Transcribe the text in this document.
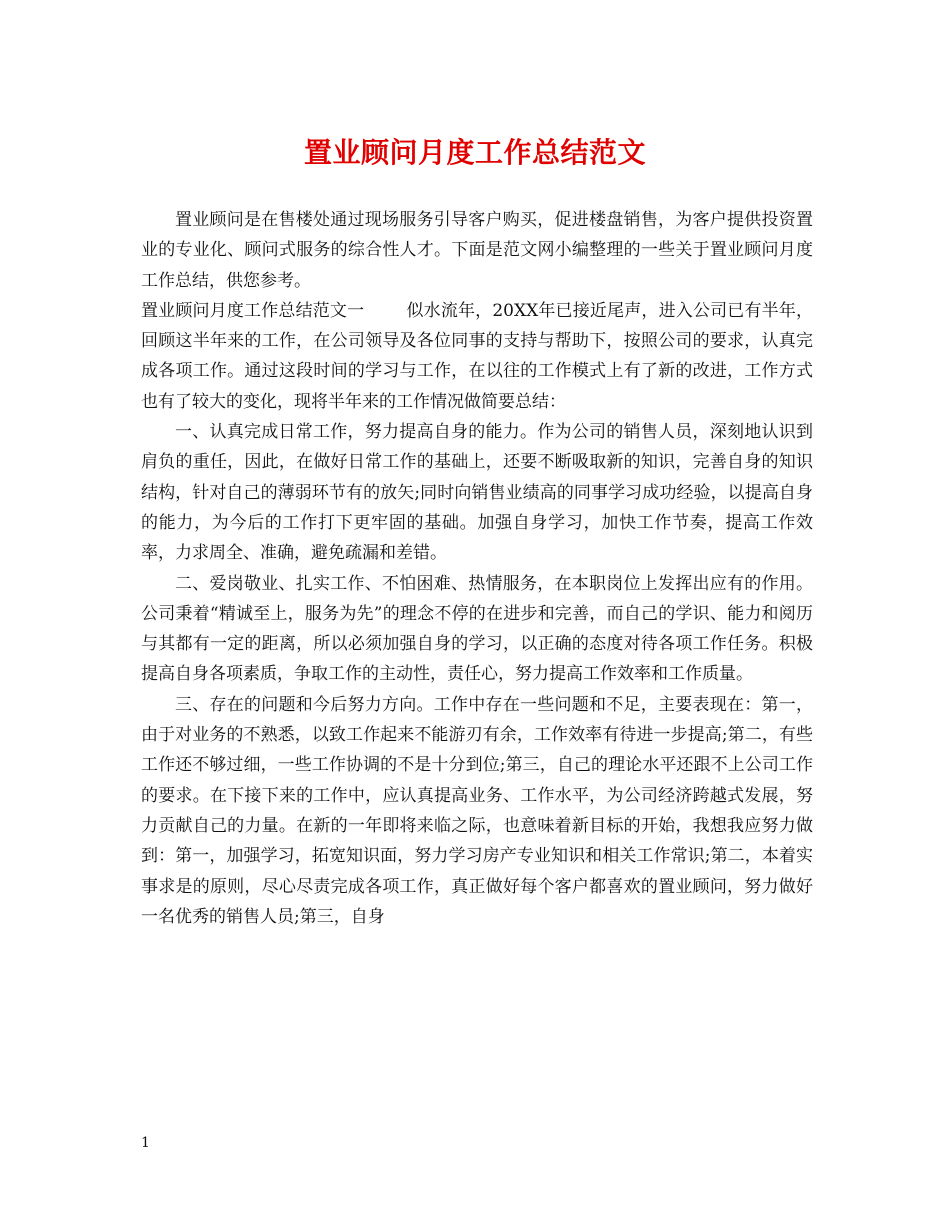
置业顾问月度工作总结范文

置业顾问是在售楼处通过现场服务引导客户购买，促进楼盘销售，为客户提供投资置业的专业化、顾问式服务的综合性人才。下面是范文网小编整理的一些关于置业顾问月度工作总结，供您参考。

置业顾问月度工作总结范文一 似水流年，20XX年已接近尾声，进入公司已有半年，回顾这半年来的工作，在公司领导及各位同事的支持与帮助下，按照公司的要求，认真完成各项工作。通过这段时间的学习与工作，在以往的工作模式上有了新的改进，工作方式也有了较大的变化，现将半年来的工作情况做简要总结：

一、认真完成日常工作，努力提高自身的能力。作为公司的销售人员，深刻地认识到肩负的重任，因此，在做好日常工作的基础上，还要不断吸取新的知识，完善自身的知识结构，针对自己的薄弱环节有的放矢;同时向销售业绩高的同事学习成功经验，以提高自身的能力，为今后的工作打下更牢固的基础。加强自身学习，加快工作节奏，提高工作效率，力求周全、准确，避免疏漏和差错。

二、爱岗敬业、扎实工作、不怕困难、热情服务，在本职岗位上发挥出应有的作用。公司秉着“精诚至上，服务为先”的理念不停的在进步和完善，而自己的学识、能力和阅历与其都有一定的距离，所以必须加强自身的学习，以正确的态度对待各项工作任务。积极提高自身各项素质，争取工作的主动性，责任心，努力提高工作效率和工作质量。

三、存在的问题和今后努力方向。工作中存在一些问题和不足，主要表现在：第一，由于对业务的不熟悉，以致工作起来不能游刃有余，工作效率有待进一步提高;第二，有些工作还不够过细，一些工作协调的不是十分到位;第三，自己的理论水平还跟不上公司工作的要求。在下接下来的工作中，应认真提高业务、工作水平，为公司经济跨越式发展，努力贡献自己的力量。在新的一年即将来临之际，也意味着新目标的开始，我想我应努力做到：第一，加强学习，拓宽知识面，努力学习房产专业知识和相关工作常识;第二，本着实事求是的原则，尽心尽责完成各项工作，真正做好每个客户都喜欢的置业顾问，努力做好一名优秀的销售人员;第三，自身

1
